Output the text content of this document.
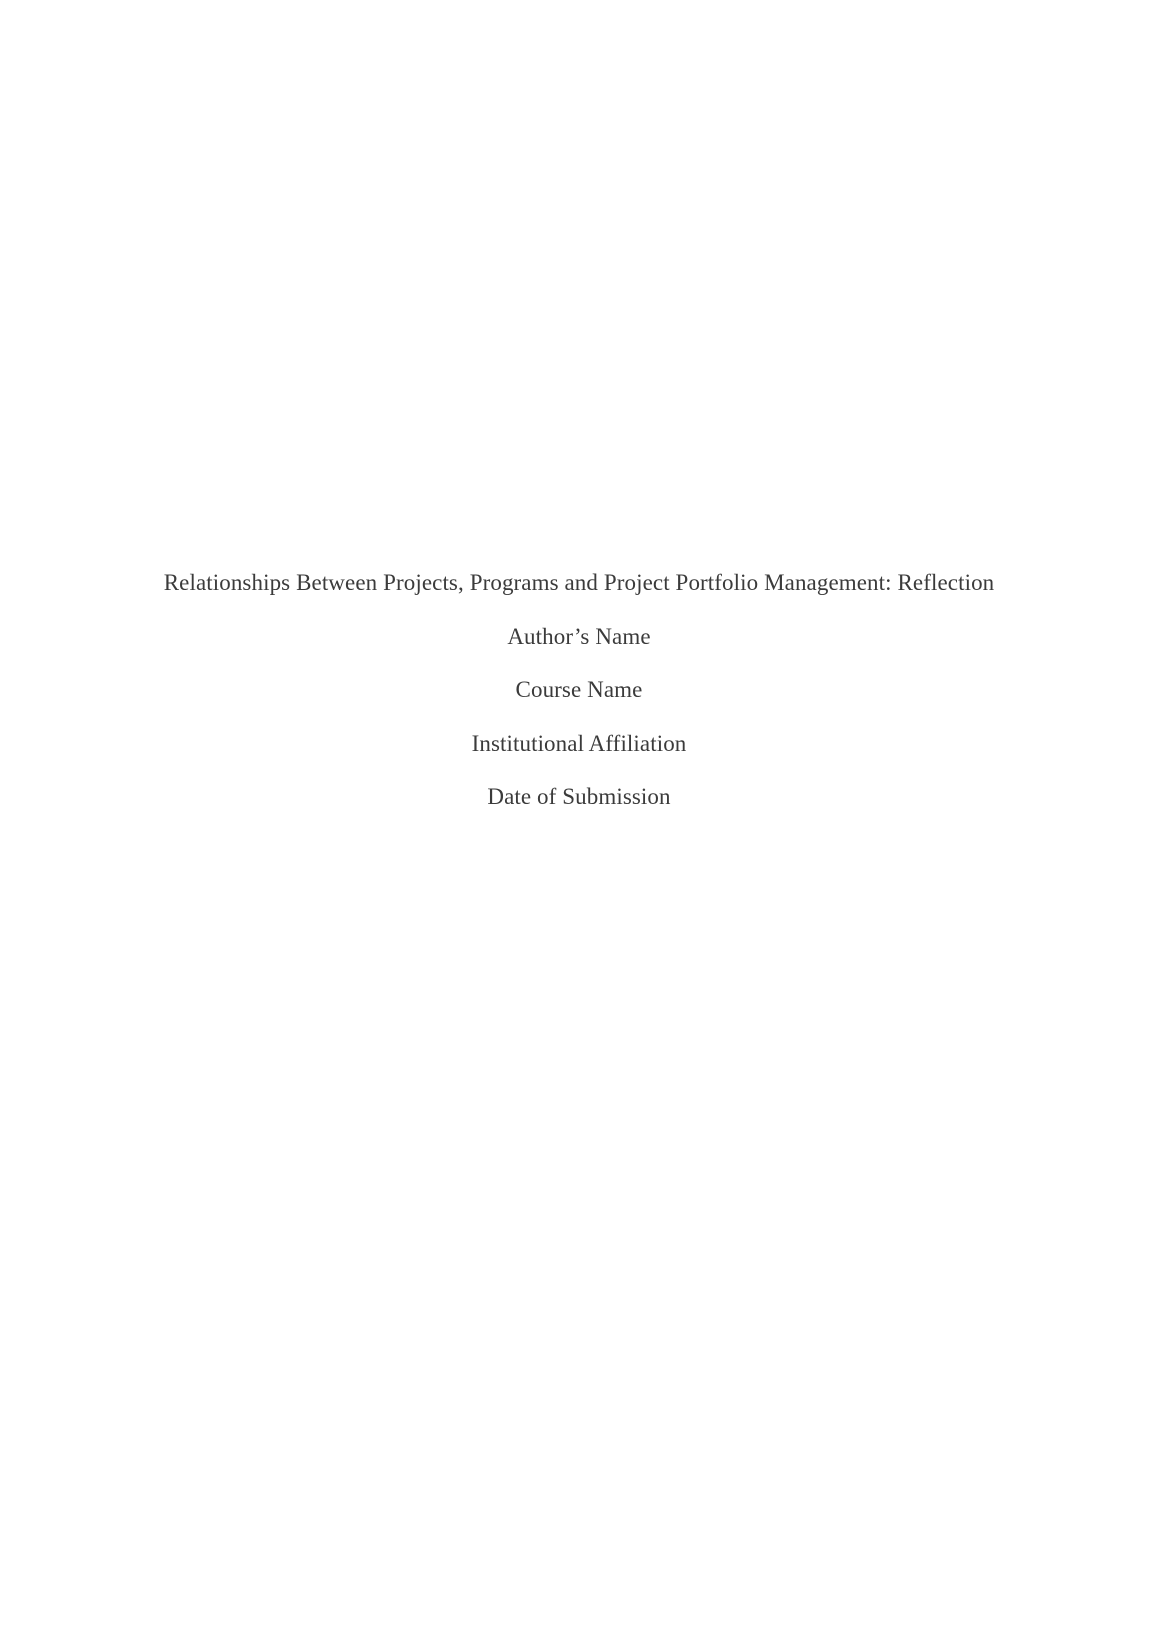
Relationships Between Projects, Programs and Project Portfolio Management: Reflection
Author’s Name
Course Name
Institutional Affiliation
Date of Submission
